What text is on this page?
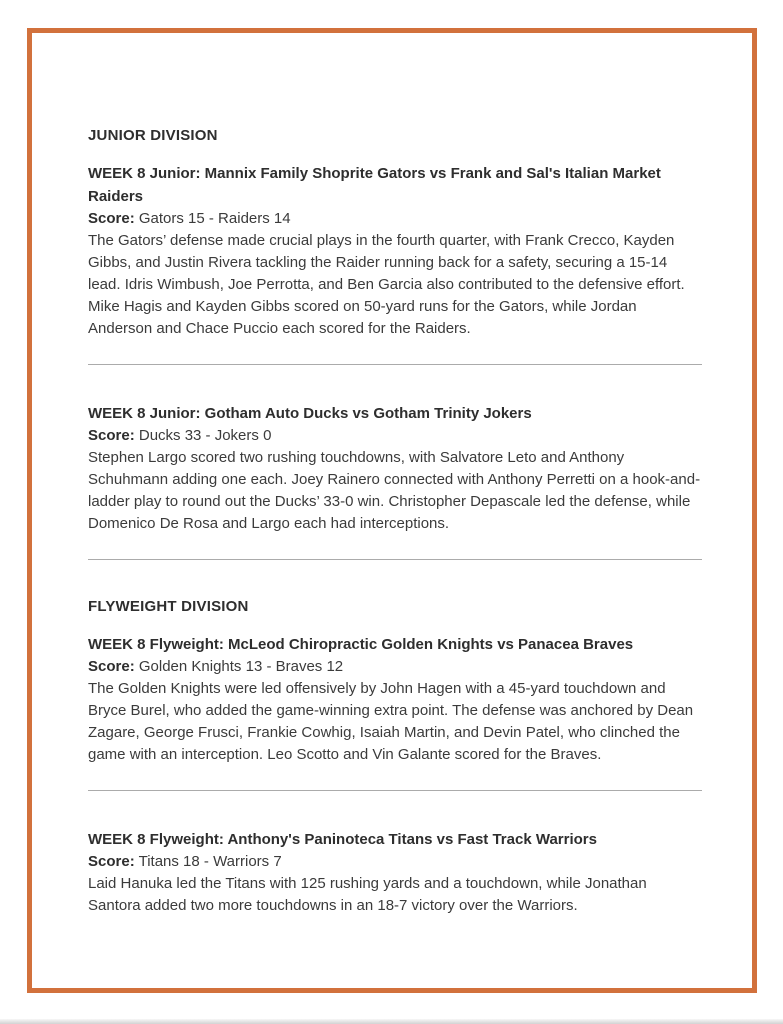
JUNIOR DIVISION
WEEK 8 Junior: Mannix Family Shoprite Gators vs Frank and Sal's Italian Market Raiders

Score: Gators 15 - Raiders 14

The Gators’ defense made crucial plays in the fourth quarter, with Frank Crecco, Kayden Gibbs, and Justin Rivera tackling the Raider running back for a safety, securing a 15-14 lead. Idris Wimbush, Joe Perrotta, and Ben Garcia also contributed to the defensive effort. Mike Hagis and Kayden Gibbs scored on 50-yard runs for the Gators, while Jordan Anderson and Chace Puccio each scored for the Raiders.

WEEK 8 Junior: Gotham Auto Ducks vs Gotham Trinity Jokers

Score: Ducks 33 - Jokers 0

Stephen Largo scored two rushing touchdowns, with Salvatore Leto and Anthony Schuhmann adding one each. Joey Rainero connected with Anthony Perretti on a hook-and-ladder play to round out the Ducks’ 33-0 win. Christopher Depascale led the defense, while Domenico De Rosa and Largo each had interceptions.

FLYWEIGHT DIVISION
WEEK 8 Flyweight: McLeod Chiropractic Golden Knights vs Panacea Braves

Score: Golden Knights 13 - Braves 12

The Golden Knights were led offensively by John Hagen with a 45-yard touchdown and Bryce Burel, who added the game-winning extra point. The defense was anchored by Dean Zagare, George Frusci, Frankie Cowhig, Isaiah Martin, and Devin Patel, who clinched the game with an interception. Leo Scotto and Vin Galante scored for the Braves.

WEEK 8 Flyweight: Anthony's Paninoteca Titans vs Fast Track Warriors

Score: Titans 18 - Warriors 7

Laid Hanuka led the Titans with 125 rushing yards and a touchdown, while Jonathan Santora added two more touchdowns in an 18-7 victory over the Warriors.
